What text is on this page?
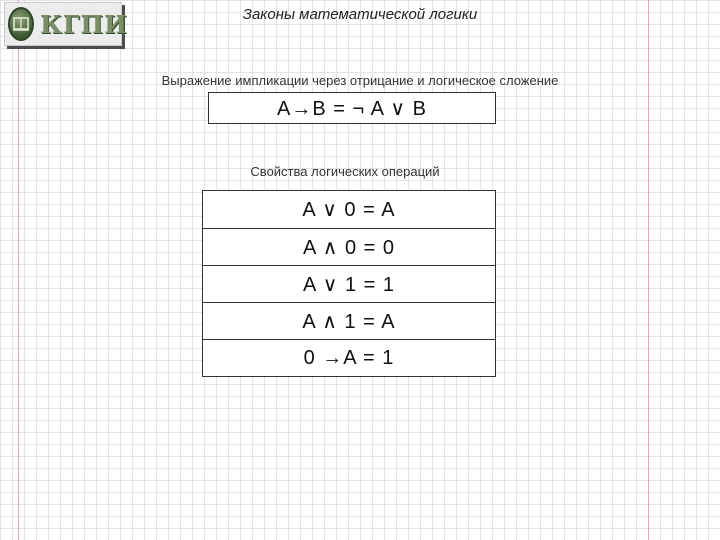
КГПИ	Законы математической логики
Выражение импликации через отрицание и логическое сложение
A→B = ¬ A ∨ B
Свойства логических операций
A ∨ 0 = A
A ∧ 0 = 0
A ∨ 1 = 1
A ∧ 1 = A
0 →A = 1
